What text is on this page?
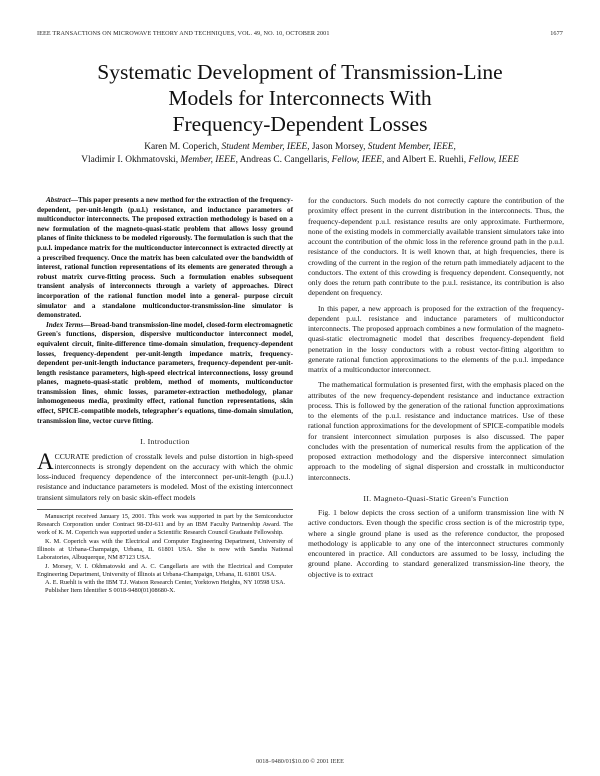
IEEE TRANSACTIONS ON MICROWAVE THEORY AND TECHNIQUES, VOL. 49, NO. 10, OCTOBER 2001	1677
Systematic Development of Transmission-Line
Models for Interconnects With
Frequency-Dependent Losses
Karen M. Coperich, Student Member, IEEE, Jason Morsey, Student Member, IEEE,
Vladimir I. Okhmatovski, Member, IEEE, Andreas C. Cangellaris, Fellow, IEEE, and Albert E. Ruehli, Fellow, IEEE

Abstract—This paper presents a new method for the extraction of the frequency-dependent, per-unit-length (p.u.l.) resistance, and inductance parameters of multiconductor interconnects. The proposed extraction methodology is based on a new formulation of the magneto-quasi-static problem that allows lossy ground planes of finite thickness to be modeled rigorously. The formulation is such that the p.u.l. impedance matrix for the multiconductor interconnect is extracted directly at a prescribed frequency. Once the matrix has been calculated over the bandwidth of interest, rational function representations of its elements are generated through a robust matrix curve-fitting process. Such a formulation enables subsequent transient analysis of interconnects through a variety of approaches. Direct incorporation of the rational function model into a general- purpose circuit simulator and a standalone multiconductor-transmission-line simulator is demonstrated.

Index Terms—Broad-band transmission-line model, closed-form electromagnetic Green's functions, dispersion, dispersive multiconductor interconnect model, equivalent circuit, finite-difference time-domain simulation, frequency-dependent losses, frequency-dependent per-unit-length impedance matrix, frequency-dependent per-unit-length inductance parameters, frequency-dependent per-unit-length resistance parameters, high-speed electrical interconnections, lossy ground planes, magneto-quasi-static problem, method of moments, multiconductor transmission lines, ohmic losses, parameter-extraction methodology, planar inhomogeneous media, proximity effect, rational function representations, skin effect, SPICE-compatible models, telegrapher's equations, time-domain simulation, transmission line, vector curve fitting.

I. Introduction

ACCURATE prediction of crosstalk levels and pulse distortion in high-speed interconnects is strongly dependent on the accuracy with which the ohmic loss-induced frequency dependence of the interconnect per-unit-length (p.u.l.) resistance and inductance parameters is modeled. Most of the existing interconnect transient simulators rely on basic skin-effect models

Manuscript received January 15, 2001. This work was supported in part by the Semiconductor Research Corporation under Contract 98-DJ-611 and by an IBM Faculty Partnership Award. The work of K. M. Coperich was supported under a Scientific Research Council Graduate Fellowship.

K. M. Coperich was with the Electrical and Computer Engineering Department, University of Illinois at Urbana-Champaign, Urbana, IL 61801 USA. She is now with Sandia National Laboratories, Albuquerque, NM 87123 USA.

J. Morsey, V. I. Okhmatovski and A. C. Cangellaris are with the Electrical and Computer Engineering Department, University of Illinois at Urbana-Champaign, Urbana, IL 61801 USA.

A. E. Ruehli is with the IBM T.J. Watson Research Center, Yorktown Heights, NY 10598 USA.

Publisher Item Identifier S 0018-9480(01)08680-X.

for the conductors. Such models do not correctly capture the contribution of the proximity effect present in the current distribution in the interconnects. Thus, the frequency-dependent p.u.l. resistance results are only approximate. Furthermore, none of the existing models in commercially available transient simulators take into account the contribution of the ohmic loss in the reference ground path in the p.u.l. resistance of the conductors. It is well known that, at high frequencies, there is crowding of the current in the region of the return path immediately adjacent to the conductors. The extent of this crowding is frequency dependent. Consequently, not only does the return path contribute to the p.u.l. resistance, its contribution is also dependent on frequency.

In this paper, a new approach is proposed for the extraction of the frequency-dependent p.u.l. resistance and inductance parameters of multiconductor interconnects. The proposed approach combines a new formulation of the magneto-quasi-static electromagnetic model that describes frequency-dependent field penetration in the lossy conductors with a robust vector-fitting algorithm to generate rational function approximations to the elements of the p.u.l. impedance matrix of a multiconductor interconnect.

The mathematical formulation is presented first, with the emphasis placed on the attributes of the new frequency-dependent resistance and inductance extraction process. This is followed by the generation of the rational function approximations to the elements of the p.u.l. resistance and inductance matrices. Use of these rational function approximations for the development of SPICE-compatible models for transient interconnect simulation purposes is also discussed. The paper concludes with the presentation of numerical results from the application of the proposed extraction methodology and the dispersive interconnect simulation approach to the modeling of signal dispersion and crosstalk in multiconductor interconnects.

II. Magneto-Quasi-Static Green's Function

Fig. 1 below depicts the cross section of a uniform transmission line with N active conductors. Even though the specific cross section is of the microstrip type, where a single ground plane is used as the reference conductor, the proposed methodology is applicable to any one of the interconnect structures commonly encountered in practice. All conductors are assumed to be lossy, including the ground plane. According to standard generalized transmission-line theory, the objective is to extract

0018–9480/01$10.00 © 2001 IEEE
